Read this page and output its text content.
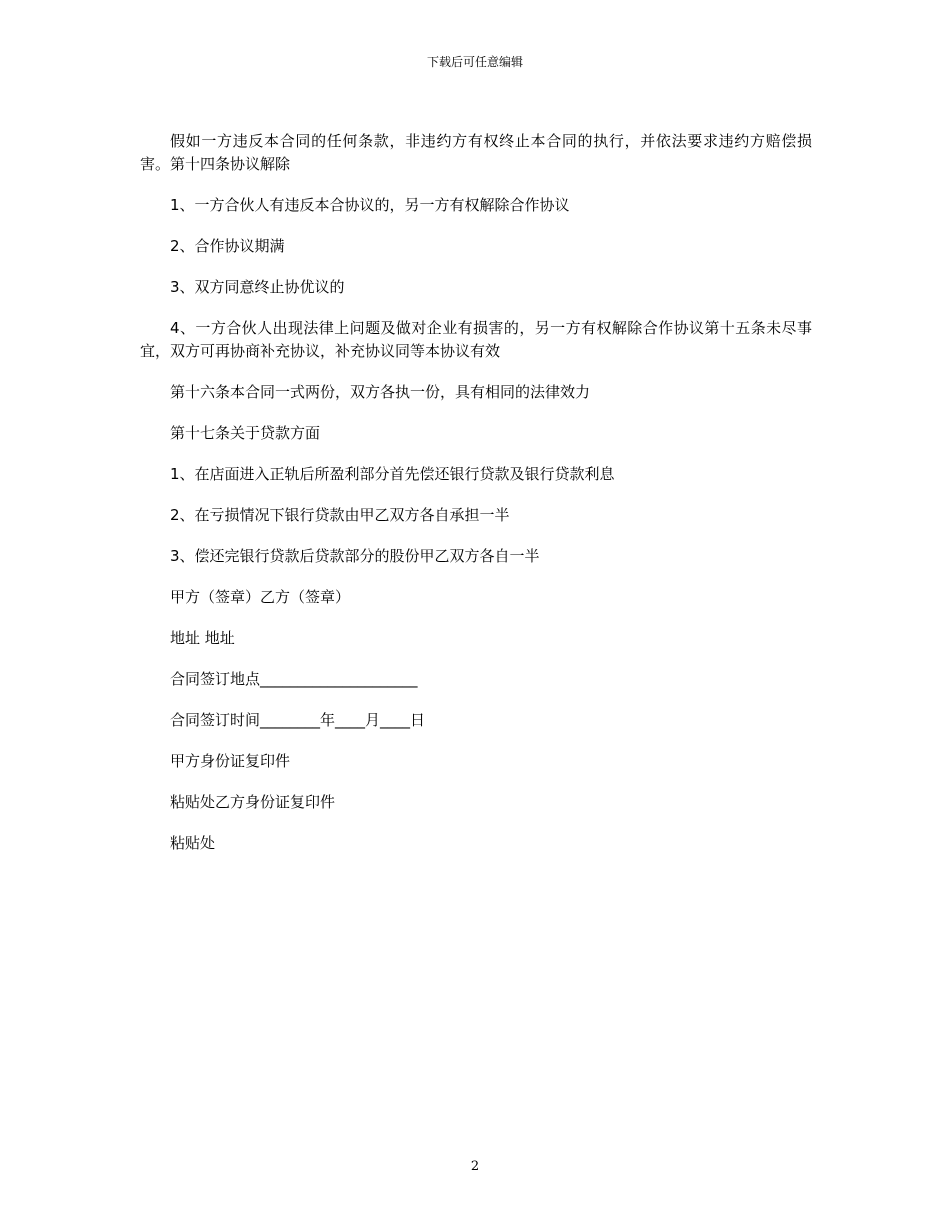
下载后可任意编辑

假如一方违反本合同的任何条款，非违约方有权终止本合同的执行，并依法要求违约方赔偿损害。第十四条协议解除

1、一方合伙人有违反本合协议的，另一方有权解除合作协议

2、合作协议期满

3、双方同意终止协优议的

4、一方合伙人出现法律上问题及做对企业有损害的，另一方有权解除合作协议第十五条未尽事宜，双方可再协商补充协议，补充协议同等本协议有效

第十六条本合同一式两份，双方各执一份，具有相同的法律效力

第十七条关于贷款方面

1、在店面进入正轨后所盈利部分首先偿还银行贷款及银行贷款利息

2、在亏损情况下银行贷款由甲乙双方各自承担一半

3、偿还完银行贷款后贷款部分的股份甲乙双方各自一半

甲方（签章）乙方（签章）

地址 地址

合同签订地点_____________________

合同签订时间________年____月____日

甲方身份证复印件

粘贴处乙方身份证复印件

粘贴处

2
